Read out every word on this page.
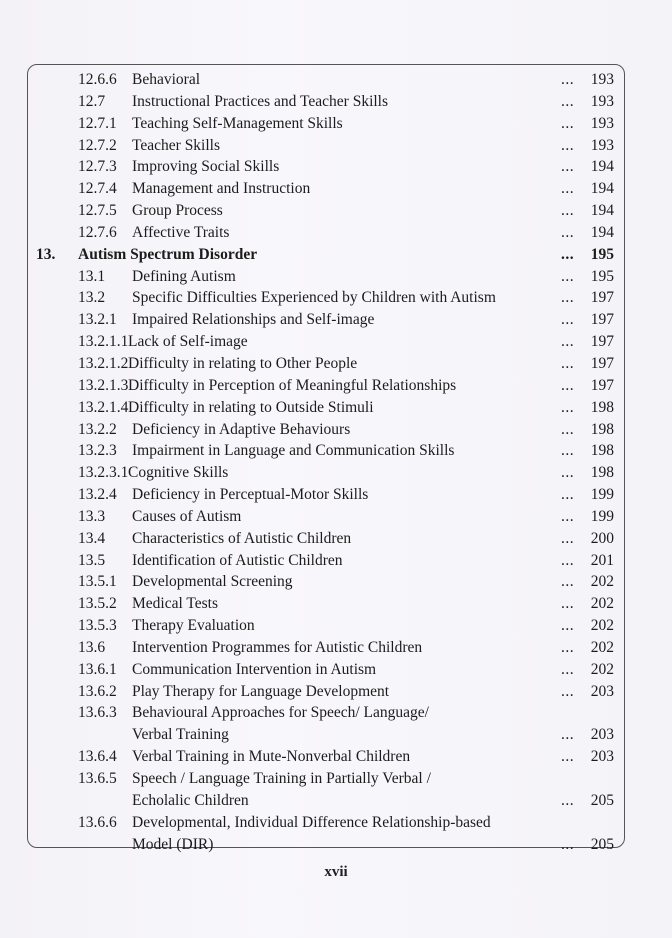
12.6.6 Behavioral	... 193
12.7 Instructional Practices and Teacher Skills	... 193
12.7.1 Teaching Self-Management Skills	... 193
12.7.2 Teacher Skills	... 193
12.7.3 Improving Social Skills	... 194
12.7.4 Management and Instruction	... 194
12.7.5 Group Process	... 194
12.7.6 Affective Traits	... 194
13. Autism Spectrum Disorder	... 195
13.1 Defining Autism	... 195
13.2 Specific Difficulties Experienced by Children with Autism	... 197
13.2.1 Impaired Relationships and Self-image	... 197
13.2.1.1 Lack of Self-image	... 197
13.2.1.2 Difficulty in relating to Other People	... 197
13.2.1.3 Difficulty in Perception of Meaningful Relationships	... 197
13.2.1.4 Difficulty in relating to Outside Stimuli	... 198
13.2.2 Deficiency in Adaptive Behaviours	... 198
13.2.3 Impairment in Language and Communication Skills	... 198
13.2.3.1 Cognitive Skills	... 198
13.2.4 Deficiency in Perceptual-Motor Skills	... 199
13.3 Causes of Autism	... 199
13.4 Characteristics of Autistic Children	... 200
13.5 Identification of Autistic Children	... 201
13.5.1 Developmental Screening	... 202
13.5.2 Medical Tests	... 202
13.5.3 Therapy Evaluation	... 202
13.6 Intervention Programmes for Autistic Children	... 202
13.6.1 Communication Intervention in Autism	... 202
13.6.2 Play Therapy for Language Development	... 203
13.6.3 Behavioural Approaches for Speech/ Language/
Verbal Training	... 203
13.6.4 Verbal Training in Mute-Nonverbal Children	... 203
13.6.5 Speech / Language Training in Partially Verbal /
Echolalic Children	... 205
13.6.6 Developmental, Individual Difference Relationship-based
Model (DIR)	... 205
xvii
